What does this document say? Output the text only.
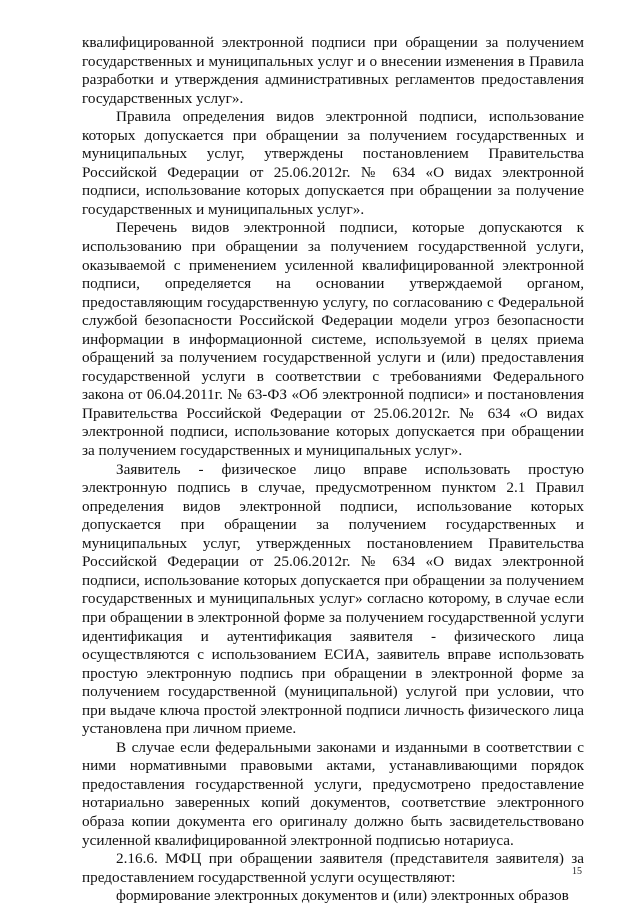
квалифицированной электронной подписи при обращении за получением государственных и муниципальных услуг и о внесении изменения в Правила разработки и утверждения административных регламентов предоставления государственных услуг».

Правила определения видов электронной подписи, использование которых допускается при обращении за получением государственных и муниципальных услуг, утверждены постановлением Правительства Российской Федерации от 25.06.2012г. № 634 «О видах электронной подписи, использование которых допускается при обращении за получение государственных и муниципальных услуг».

Перечень видов электронной подписи, которые допускаются к использованию при обращении за получением государственной услуги, оказываемой с применением усиленной квалифицированной электронной подписи, определяется на основании утверждаемой органом, предоставляющим государственную услугу, по согласованию с Федеральной службой безопасности Российской Федерации модели угроз безопасности информации в информационной системе, используемой в целях приема обращений за получением государственной услуги и (или) предоставления государственной услуги в соответствии с требованиями Федерального закона от 06.04.2011г. № 63-ФЗ «Об электронной подписи» и постановления Правительства Российской Федерации от 25.06.2012г. № 634 «О видах электронной подписи, использование которых допускается при обращении за получением государственных и муниципальных услуг».

Заявитель - физическое лицо вправе использовать простую электронную подпись в случае, предусмотренном пунктом 2.1 Правил определения видов электронной подписи, использование которых допускается при обращении за получением государственных и муниципальных услуг, утвержденных постановлением Правительства Российской Федерации от 25.06.2012г. № 634 «О видах электронной подписи, использование которых допускается при обращении за получением государственных и муниципальных услуг» согласно которому, в случае если при обращении в электронной форме за получением государственной услуги идентификация и аутентификация заявителя - физического лица осуществляются с использованием ЕСИА, заявитель вправе использовать простую электронную подпись при обращении в электронной форме за получением государственной (муниципальной) услугой при условии, что при выдаче ключа простой электронной подписи личность физического лица установлена при личном приеме.

В случае если федеральными законами и изданными в соответствии с ними нормативными правовыми актами, устанавливающими порядок предоставления государственной услуги, предусмотрено предоставление нотариально заверенных копий документов, соответствие электронного образа копии документа его оригиналу должно быть засвидетельствовано усиленной квалифицированной электронной подписью нотариуса.

2.16.6. МФЦ при обращении заявителя (представителя заявителя) за предоставлением государственной услуги осуществляют:

формирование электронных документов и (или) электронных образов

15
